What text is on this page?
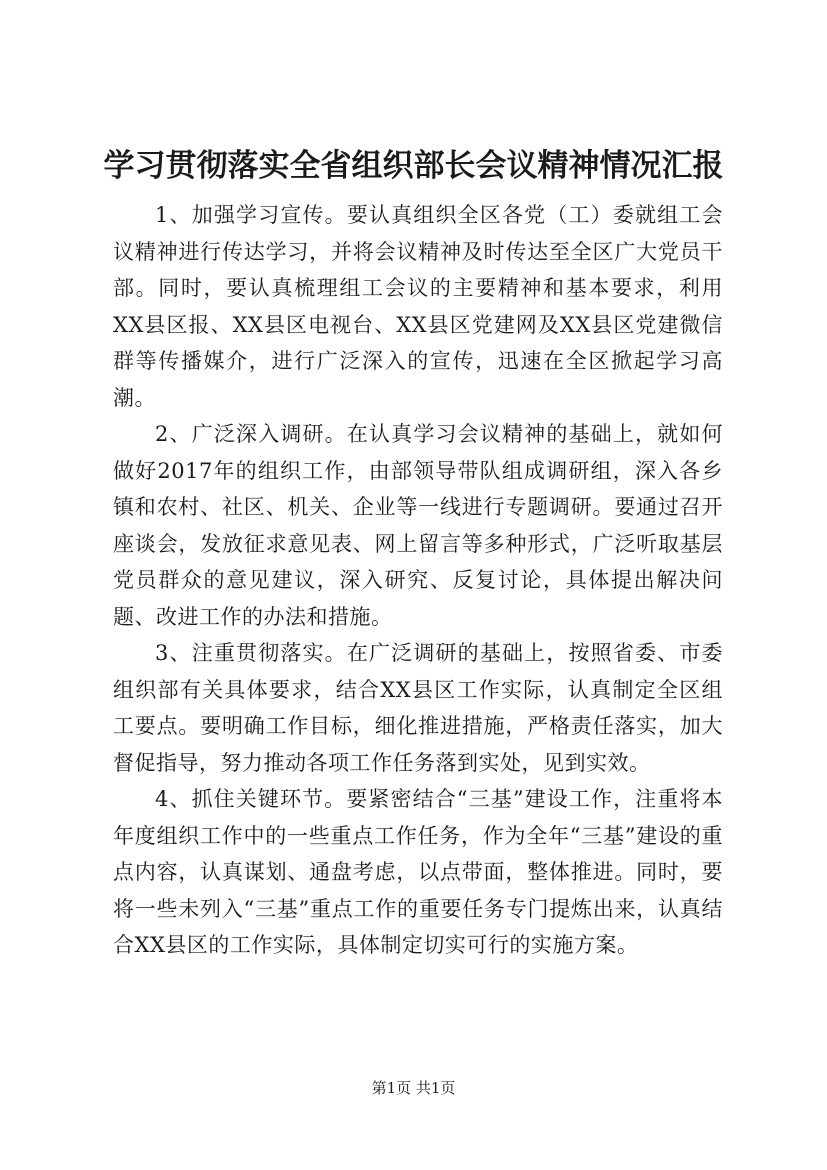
学习贯彻落实全省组织部长会议精神情况汇报

1、加强学习宣传。要认真组织全区各党（工）委就组工会议精神进行传达学习，并将会议精神及时传达至全区广大党员干部。同时，要认真梳理组工会议的主要精神和基本要求，利用XX县区报、XX县区电视台、XX县区党建网及XX县区党建微信群等传播媒介，进行广泛深入的宣传，迅速在全区掀起学习高潮。

2、广泛深入调研。在认真学习会议精神的基础上，就如何做好2017年的组织工作，由部领导带队组成调研组，深入各乡镇和农村、社区、机关、企业等一线进行专题调研。要通过召开座谈会，发放征求意见表、网上留言等多种形式，广泛听取基层党员群众的意见建议，深入研究、反复讨论，具体提出解决问题、改进工作的办法和措施。

3、注重贯彻落实。在广泛调研的基础上，按照省委、市委组织部有关具体要求，结合XX县区工作实际，认真制定全区组工要点。要明确工作目标，细化推进措施，严格责任落实，加大督促指导，努力推动各项工作任务落到实处，见到实效。

4、抓住关键环节。要紧密结合“三基”建设工作，注重将本年度组织工作中的一些重点工作任务，作为全年“三基”建设的重点内容，认真谋划、通盘考虑，以点带面，整体推进。同时，要将一些未列入“三基”重点工作的重要任务专门提炼出来，认真结合XX县区的工作实际，具体制定切实可行的实施方案。

第1页 共1页
